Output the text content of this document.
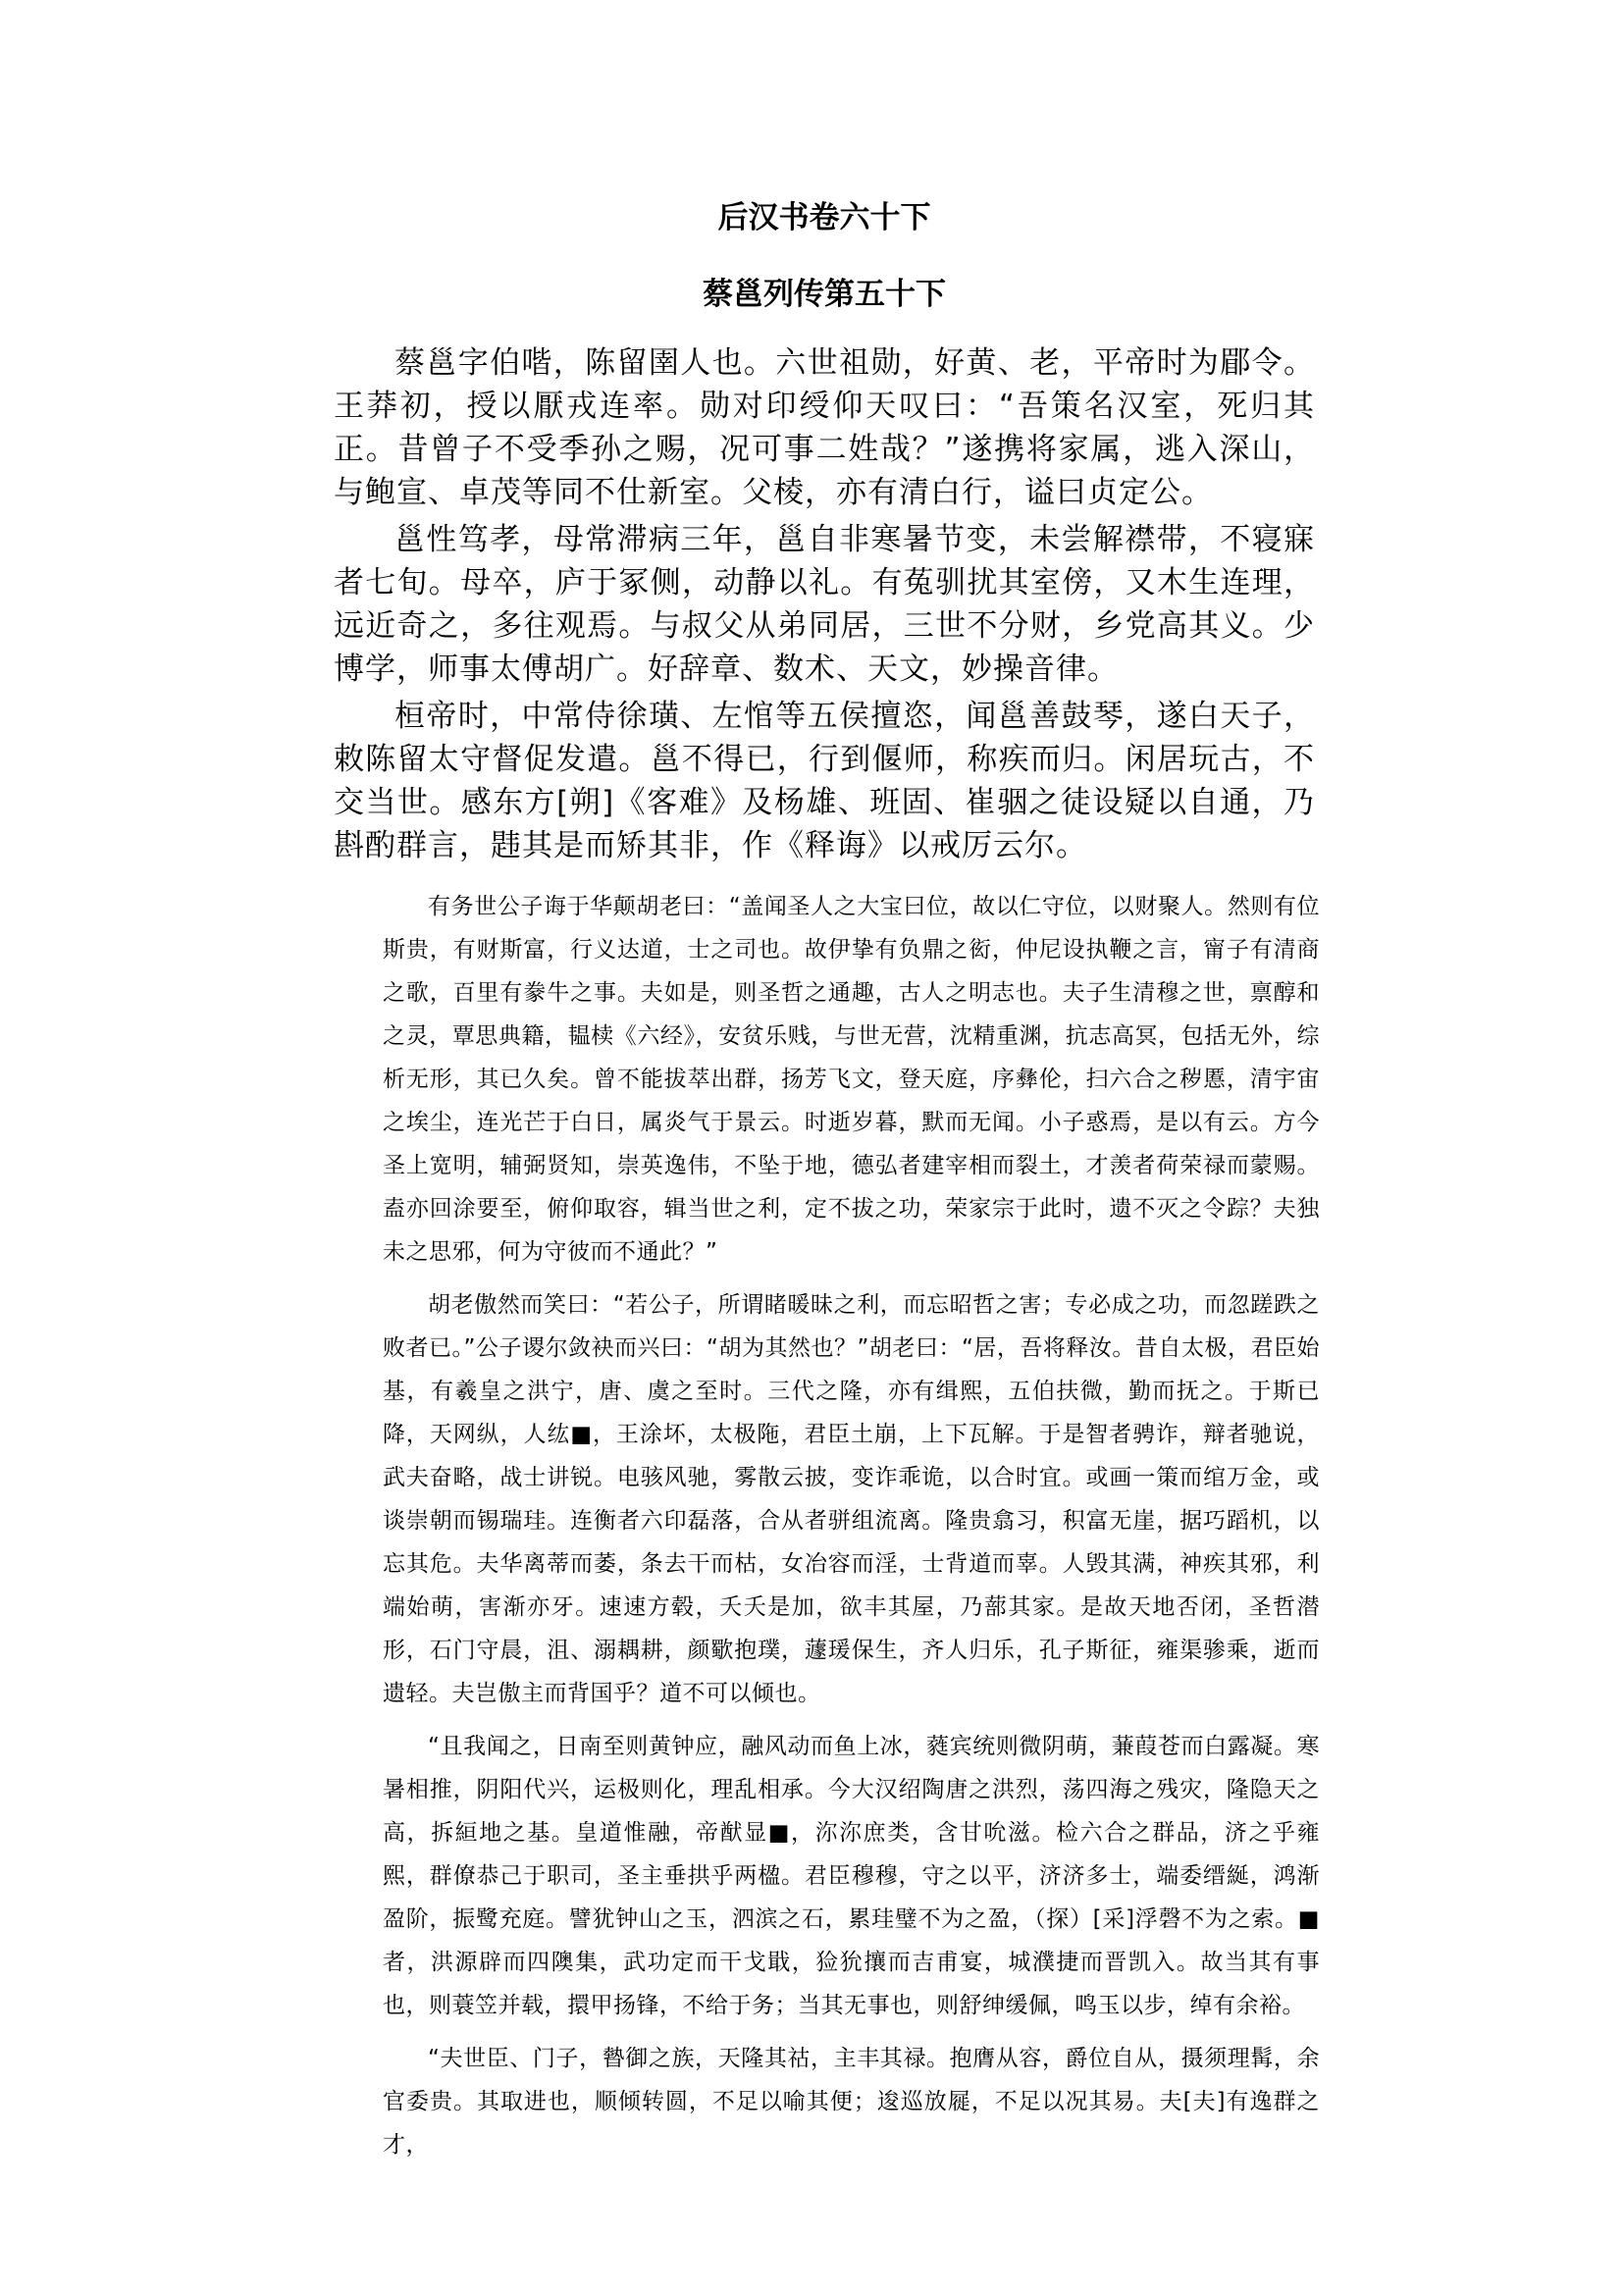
后汉书卷六十下
蔡邕列传第五十下

蔡邕字伯喈，陈留圉人也。六世祖勋，好黄、老，平帝时为郿令。王莽初，授以厭戎连率。勋对印绶仰天叹曰：“吾策名汉室，死归其正。昔曾子不受季孙之赐，况可事二姓哉？”遂携将家属，逃入深山，与鲍宣、卓茂等同不仕新室。父棱，亦有清白行，谥曰贞定公。

邕性笃孝，母常滞病三年，邕自非寒暑节变，未尝解襟带，不寝寐者七旬。母卒，庐于冢侧，动静以礼。有菟驯扰其室傍，又木生连理，远近奇之，多往观焉。与叔父从弟同居，三世不分财，乡党高其义。少博学，师事太傅胡广。好辞章、数术、天文，妙操音律。

桓帝时，中常侍徐璜、左悺等五侯擅恣，闻邕善鼓琴，遂白天子，敕陈留太守督促发遣。邕不得已，行到偃师，称疾而归。闲居玩古，不交当世。感东方[朔]《客难》及杨雄、班固、崔骃之徒设疑以自通，乃斟酌群言，韪其是而矫其非，作《释诲》以戒厉云尔。

有务世公子诲于华颠胡老曰：“盖闻圣人之大宝曰位，故以仁守位，以财聚人。然则有位斯贵，有财斯富，行义达道，士之司也。故伊挚有负鼎之衒，仲尼设执鞭之言，甯子有清商之歌，百里有豢牛之事。夫如是，则圣哲之通趣，古人之明志也。夫子生清穆之世，禀醇和之灵，覃思典籍，韫椟《六经》，安贫乐贱，与世无营，沈精重渊，抗志高冥，包括无外，综析无形，其已久矣。曾不能拔萃出群，扬芳飞文，登天庭，序彝伦，扫六合之秽慝，清宇宙之埃尘，连光芒于白日，属炎气于景云。时逝岁暮，默而无闻。小子惑焉，是以有云。方今圣上宽明，辅弼贤知，崇英逸伟，不坠于地，德弘者建宰相而裂土，才羡者荷荣禄而蒙赐。盍亦回涂要至，俯仰取容，辑当世之利，定不拔之功，荣家宗于此时，遗不灭之令踪？夫独未之思邪，何为守彼而不通此？”

胡老傲然而笑曰：“若公子，所谓睹暖昧之利，而忘昭哲之害；专必成之功，而忽蹉跌之败者已。”公子谡尔敛袂而兴曰：“胡为其然也？”胡老曰：“居，吾将释汝。昔自太极，君臣始基，有羲皇之洪宁，唐、虞之至时。三代之隆，亦有缉熙，五伯扶微，勤而抚之。于斯已降，天网纵，人纮■，王涂坏，太极陁，君臣土崩，上下瓦解。于是智者骋诈，辩者驰说，武夫奋略，战士讲锐。电骇风驰，雾散云披，变诈乖诡，以合时宜。或画一策而绾万金，或谈崇朝而锡瑞珪。连衡者六印磊落，合从者骈组流离。隆贵翕习，积富无崖，据巧蹈机，以忘其危。夫华离蒂而萎，条去干而枯，女冶容而淫，士背道而辜。人毁其满，神疾其邪，利端始萌，害渐亦牙。速速方毂，夭夭是加，欲丰其屋，乃蔀其家。是故天地否闭，圣哲潜形，石门守晨，沮、溺耦耕，颜歜抱璞，蘧瑗保生，齐人归乐，孔子斯征，雍渠骖乘，逝而遗轻。夫岂傲主而背国乎？道不可以倾也。

“且我闻之，日南至则黄钟应，融风动而鱼上冰，蕤宾统则微阴萌，蒹葭苍而白露凝。寒暑相推，阴阳代兴，运极则化，理乱相承。今大汉绍陶唐之洪烈，荡四海之残灾，隆隐天之高，拆絙地之基。皇道惟融，帝猷显■，沵沵庶类，含甘吮滋。检六合之群品，济之乎雍熙，群僚恭己于职司，圣主垂拱乎两楹。君臣穆穆，守之以平，济济多士，端委缙綖，鸿渐盈阶，振鹭充庭。譬犹钟山之玉，泗滨之石，累珪璧不为之盈，（探）[采]浮磬不为之索。■者，洪源辟而四隩集，武功定而干戈戢，猃狁攘而吉甫宴，城濮捷而晋凯入。故当其有事也，则蓑笠并载，擐甲扬锋，不给于务；当其无事也，则舒绅缓佩，鸣玉以步，绰有余裕。

“夫世臣、门子，暬御之族，天隆其祜，主丰其禄。抱膺从容，爵位自从，摄须理髯，余官委贵。其取进也，顺倾转圆，不足以喻其便；逡巡放屣，不足以况其易。夫[夫]有逸群之才，
